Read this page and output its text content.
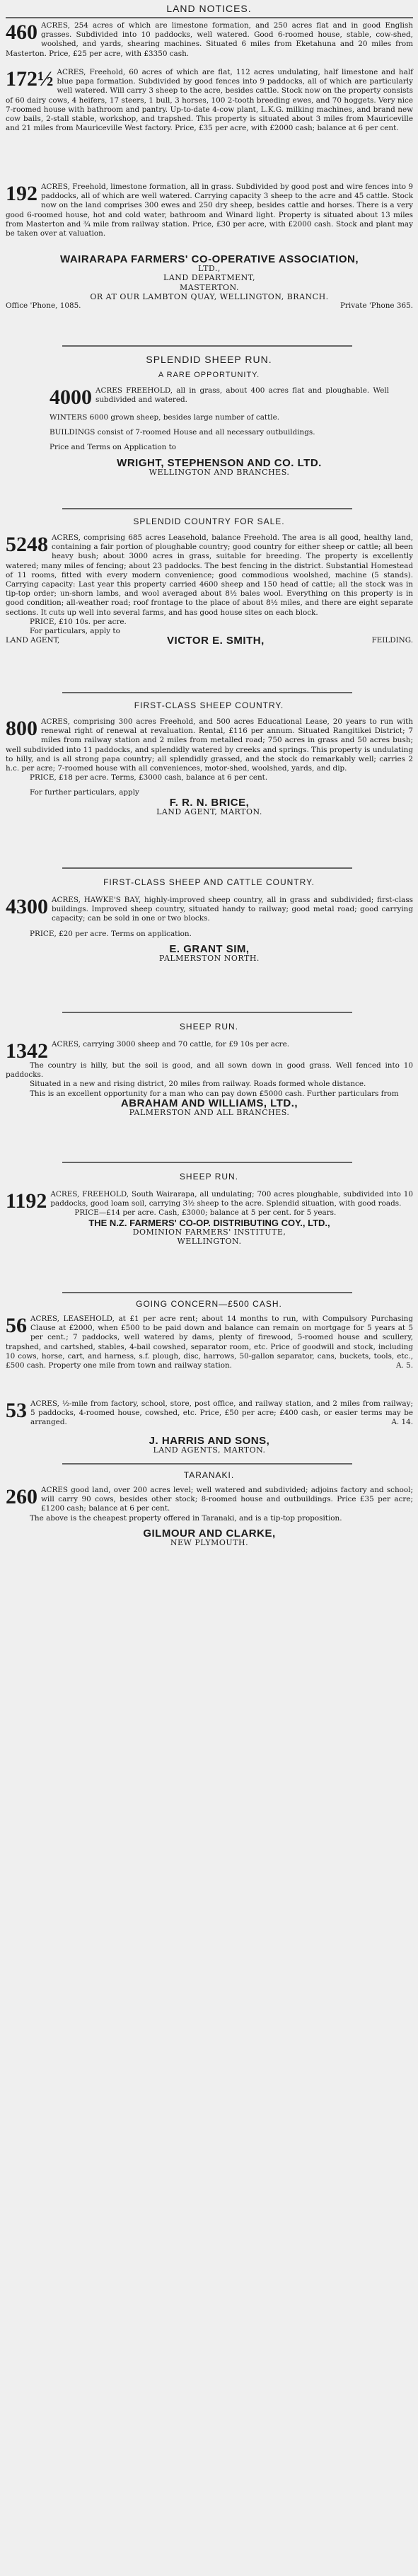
LAND NOTICES.
460 ACRES, 254 acres of which are limestone formation, and 250 acres flat and in good English grasses. Subdivided into 10 paddocks, well watered. Good 6-roomed house, stable, cow-shed, woolshed, and yards, shearing machines. Situated 6 miles from Eketahuna and 20 miles from Masterton. Price, £25 per acre, with £3350 cash.

172½ ACRES, Freehold, 60 acres of which are flat, 112 acres undulating, half limestone and half blue papa formation. Subdivided by good fences into 9 paddocks, all of which are particularly well watered. Will carry 3 sheep to the acre, besides cattle. Stock now on the property consists of 60 dairy cows, 4 heifers, 17 steers, 1 bull, 3 horses, 100 2-tooth breeding ewes, and 70 hoggets. Very nice 7-roomed house with bathroom and pantry. Up-to-date 4-cow plant, L.K.G. milking machines, and brand new cow bails, 2-stall stable, workshop, and trapshed. This property is situated about 3 miles from Mauriceville and 21 miles from Mauriceville West factory. Price, £35 per acre, with £2000 cash; balance at 6 per cent.

192 ACRES, Freehold, limestone formation, all in grass. Subdivided by good post and wire fences into 9 paddocks, all of which are well watered. Carrying capacity 3 sheep to the acre and 45 cattle. Stock now on the land comprises 300 ewes and 250 dry sheep, besides cattle and horses. There is a very good 6-roomed house, hot and cold water, bathroom and Winard light. Property is situated about 13 miles from Masterton and ¾ mile from railway station. Price, £30 per acre, with £2000 cash. Stock and plant may be taken over at valuation.

WAIRARAPA FARMERS' CO-OPERATIVE ASSOCIATION,
LTD.,
LAND DEPARTMENT,
MASTERTON.
OR AT OUR LAMBTON QUAY, WELLINGTON, BRANCH.
Office 'Phone, 1085.	Private 'Phone 365.
SPLENDID SHEEP RUN.
A RARE OPPORTUNITY.
4000 ACRES FREEHOLD, all in grass, about 400 acres flat and ploughable. Well subdivided and watered.

WINTERS 6000 grown sheep, besides large number of cattle.

BUILDINGS consist of 7-roomed House and all necessary outbuildings.

Price and Terms on Application to

WRIGHT, STEPHENSON AND CO. LTD.
WELLINGTON AND BRANCHES.
SPLENDID COUNTRY FOR SALE.
5248 ACRES, comprising 685 acres Leasehold, balance Freehold. The area is all good, healthy land, containing a fair portion of ploughable country; good country for either sheep or cattle; all been heavy bush; about 3000 acres in grass, suitable for breeding. The property is excellently watered; many miles of fencing; about 23 paddocks. The best fencing in the district. Substantial Homestead of 11 rooms, fitted with every modern convenience; good commodious woolshed, machine (5 stands). Carrying capacity: Last year this property carried 4600 sheep and 150 head of cattle; all the stock was in tip-top order; un-shorn lambs, and wool averaged about 8½ bales wool. Everything on this property is in good condition; all-weather road; roof frontage to the place of about 8½ miles, and there are eight separate sections. It cuts up well into several farms, and has good house sites on each block.

PRICE, £10 10s. per acre.

For particulars, apply to

LAND AGENT,	VICTOR E. SMITH,	FEILDING.
FIRST-CLASS SHEEP COUNTRY.
800 ACRES, comprising 300 acres Freehold, and 500 acres Educational Lease, 20 years to run with renewal right of renewal at revaluation. Rental, £116 per annum. Situated Rangitikei District; 7 miles from railway station and 2 miles from metalled road; 750 acres in grass and 50 acres bush; well subdivided into 11 paddocks, and splendidly watered by creeks and springs. This property is undulating to hilly, and is all strong papa country; all splendidly grassed, and the stock do remarkably well; carries 2 h.c. per acre; 7-roomed house with all conveniences, motor-shed, woolshed, yards, and dip.

PRICE, £18 per acre. Terms, £3000 cash, balance at 6 per cent.

For further particulars, apply

F. R. N. BRICE,
LAND AGENT, MARTON.
FIRST-CLASS SHEEP AND CATTLE COUNTRY.
4300 ACRES, HAWKE'S BAY, highly-improved sheep country, all in grass and subdivided; first-class buildings. Improved sheep country, situated handy to railway; good metal road; good carrying capacity; can be sold in one or two blocks.

PRICE, £20 per acre. Terms on application.

E. GRANT SIM,
PALMERSTON NORTH.
SHEEP RUN.
1342 ACRES, carrying 3000 sheep and 70 cattle, for £9 10s per acre.

The country is hilly, but the soil is good, and all sown down in good grass. Well fenced into 10 paddocks.

Situated in a new and rising district, 20 miles from railway. Roads formed whole distance.

This is an excellent opportunity for a man who can pay down £5000 cash. Further particulars from

ABRAHAM AND WILLIAMS, LTD.,
PALMERSTON AND ALL BRANCHES.
SHEEP RUN.
1192 ACRES, FREEHOLD, South Wairarapa, all undulating; 700 acres ploughable, subdivided into 10 paddocks, good loam soil, carrying 3½ sheep to the acre. Splendid situation, with good roads.

PRICE—£14 per acre. Cash, £3000; balance at 5 per cent. for 5 years.

THE N.Z. FARMERS' CO-OP. DISTRIBUTING COY., LTD.,
DOMINION FARMERS' INSTITUTE,
WELLINGTON.
GOING CONCERN—£500 CASH.
56 ACRES, LEASEHOLD, at £1 per acre rent; about 14 months to run, with Compulsory Purchasing Clause at £2000, when £500 to be paid down and balance can remain on mortgage for 5 years at 5 per cent.; 7 paddocks, well watered by dams, plenty of firewood, 5-roomed house and scullery, trapshed, and cartshed, stables, 4-bail cowshed, separator room, etc. Price of goodwill and stock, including 10 cows, horse, cart, and harness, s.f. plough, disc, harrows, 50-gallon separator, cans, buckets, tools, etc., £500 cash. Property one mile from town and railway station.	A. 5.

53 ACRES, ½-mile from factory, school, store, post office, and railway station, and 2 miles from railway; 5 paddocks, 4-roomed house, cowshed, etc. Price, £50 per acre; £400 cash, or easier terms may be arranged.	A. 14.

J. HARRIS AND SONS,
LAND AGENTS, MARTON.
TARANAKI.
260 ACRES good land, over 200 acres level; well watered and subdivided; adjoins factory and school; will carry 90 cows, besides other stock; 8-roomed house and outbuildings. Price £35 per acre; £1200 cash; balance at 6 per cent.

The above is the cheapest property offered in Taranaki, and is a tip-top proposition.

GILMOUR AND CLARKE,
NEW PLYMOUTH.
